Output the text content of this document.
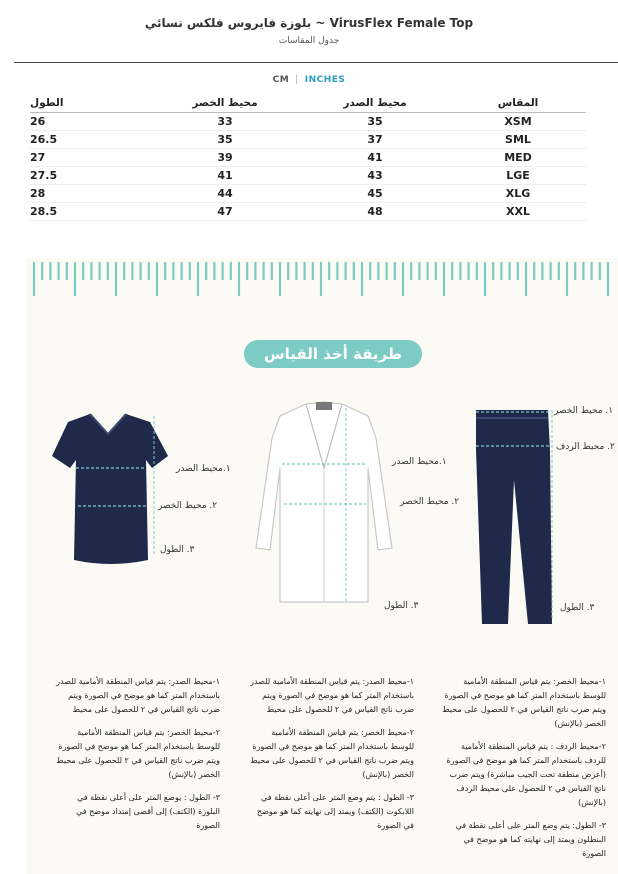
بلوزة فايروس فلكس نسائي ~ VirusFlex Female Top
جدول المقاسات
CM | INCHES
الطول	محيط الخصر	محيط الصدر	المقاس
26	33	35	XSM
26.5	35	37	SML
27	39	41	MED
27.5	41	43	LGE
28	44	45	XLG
28.5	47	48	XXL
طريقة أخذ القياس
١.محيط الصدر
٢. محيط الخصر
٣. الطول
١.محيط الصدر
٢. محيط الخصر
٣. الطول
١. محيط الخصر
٢. محيط الردف
٣. الطول

١-محيط الصدر: يتم قياس المنطقة الأمامية للصدر باستخدام المتر كما هو موضح في الصورة ويتم ضرب ناتج القياس في ٢ للحصول على محيط

٢-محيط الخصر: يتم قياس المنطقة الأمامية للوسط باستخدام المتر كما هو موضح في الصورة ويتم ضرب ناتج القياس في ٢ للحصول على محيط الخصر (بالإنش)

٣- الطول : يوضع المتر على أعلى نقطة في البلوزة (الكتف) إلى أقصى إمتداد موضح في الصورة

١-محيط الصدر: يتم قياس المنطقة الأمامية للصدر باستخدام المتر كما هو موضح في الصورة ويتم ضرب ناتج القياس في ٢ للحصول على محيط

٢-محيط الخصر: يتم قياس المنطقة الأمامية للوسط باستخدام المتر كما هو موضح في الصورة ويتم ضرب ناتج القياس في ٢ للحصول على محيط الخصر (بالإنش)

٣- الطول : يتم وضع المتر على أعلى نقطة في اللابكوت (الكتف) ويمتد إلى نهايته كما هو موضح في الصورة

١-محيط الخصر: يتم قياس المنطقة الأمامية للوسط باستخدام المتر كما هو موضح في الصورة ويتم ضرب ناتج القياس في ٢ للحصول على محيط الخصر (بالإنش)

٢-محيط الردف : يتم قياس المنطقة الأمامية للردف باستخدام المتر كما هو موضح في الصورة (أعرض منطقة تحت الجيب مباشرة) ويتم ضرب ناتج القياس في ٢ للحصول على محيط الردف (بالإنش)

٣- الطول: يتم وضع المتر على أعلى نقطة في البنطلون ويمتد إلى نهايته كما هو موضح في الصورة
